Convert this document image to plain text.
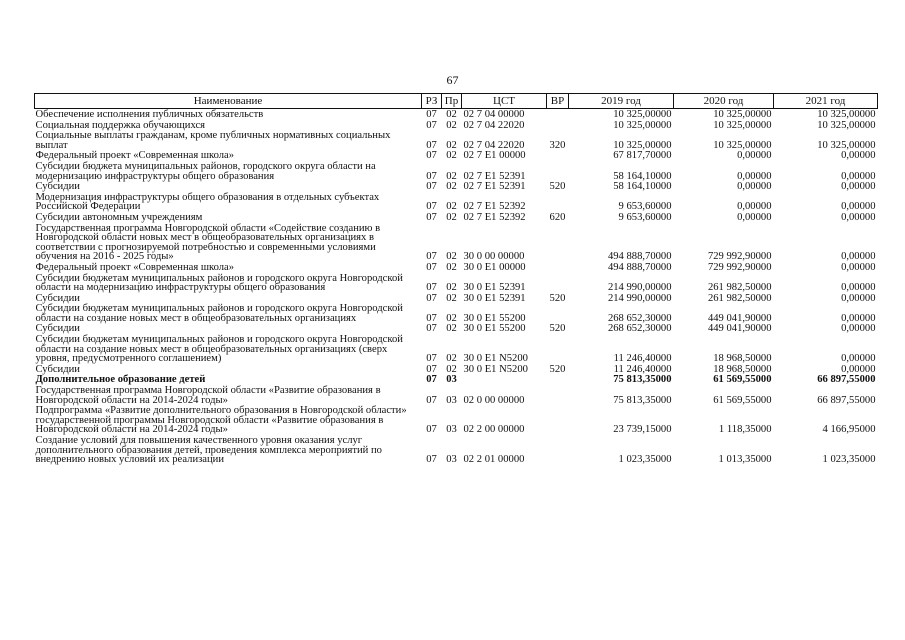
67
Наименование	РЗ	Пр	ЦСТ	ВР	2019 год	2020 год	2021 год
Обеспечение исполнения публичных обязательств	07	02	02 7 04 00000		10 325,00000	10 325,00000	10 325,00000
Социальная поддержка обучающихся	07	02	02 7 04 22020		10 325,00000	10 325,00000	10 325,00000
Социальные выплаты гражданам, кроме публичных нормативных социальных выплат	07	02	02 7 04 22020	320	10 325,00000	10 325,00000	10 325,00000
Федеральный проект «Современная школа»	07	02	02 7 E1 00000		67 817,70000	0,00000	0,00000
Субсидии бюджета муниципальных районов, городского округа области на модернизацию инфраструктуры общего образования	07	02	02 7 E1 52391		58 164,10000	0,00000	0,00000
Субсидии	07	02	02 7 E1 52391	520	58 164,10000	0,00000	0,00000
Модернизация инфраструктуры общего образования в отдельных субъектах Российской Федерации	07	02	02 7 E1 52392		9 653,60000	0,00000	0,00000
Субсидии автономным учреждениям	07	02	02 7 E1 52392	620	9 653,60000	0,00000	0,00000
Государственная программа Новгородской области «Содействие созданию в Новгородской области новых мест в общеобразовательных организациях в соответствии с прогнозируемой потребностью и современными условиями обучения на 2016 - 2025 годы»	07	02	30 0 00 00000		494 888,70000	729 992,90000	0,00000
Федеральный проект «Современная школа»	07	02	30 0 E1 00000		494 888,70000	729 992,90000	0,00000
Субсидии бюджетам муниципальных районов и городского округа Новгородской области на модернизацию инфраструктуры общего образования	07	02	30 0 E1 52391		214 990,00000	261 982,50000	0,00000
Субсидии	07	02	30 0 E1 52391	520	214 990,00000	261 982,50000	0,00000
Субсидии бюджетам муниципальных районов и городского округа Новгородской области на создание новых мест в общеобразовательных организациях	07	02	30 0 E1 55200		268 652,30000	449 041,90000	0,00000
Субсидии	07	02	30 0 E1 55200	520	268 652,30000	449 041,90000	0,00000
Субсидии бюджетам муниципальных районов и городского округа Новгородской области на создание новых мест в общеобразовательных организациях (сверх уровня, предусмотренного соглашением)	07	02	30 0 E1 N5200		11 246,40000	18 968,50000	0,00000
Субсидии	07	02	30 0 E1 N5200	520	11 246,40000	18 968,50000	0,00000
Дополнительное образование детей	07	03			75 813,35000	61 569,55000	66 897,55000
Государственная программа Новгородской области «Развитие образования в Новгородской области на 2014-2024 годы»	07	03	02 0 00 00000		75 813,35000	61 569,55000	66 897,55000
Подпрограмма «Развитие дополнительного образования в Новгородской области» государственной программы Новгородской области «Развитие образования в Новгородской области на 2014-2024 годы»	07	03	02 2 00 00000		23 739,15000	1 118,35000	4 166,95000
Создание условий для повышения качественного уровня оказания услуг дополнительного образования детей, проведения комплекса мероприятий по внедрению новых условий их реализации	07	03	02 2 01 00000		1 023,35000	1 013,35000	1 023,35000
